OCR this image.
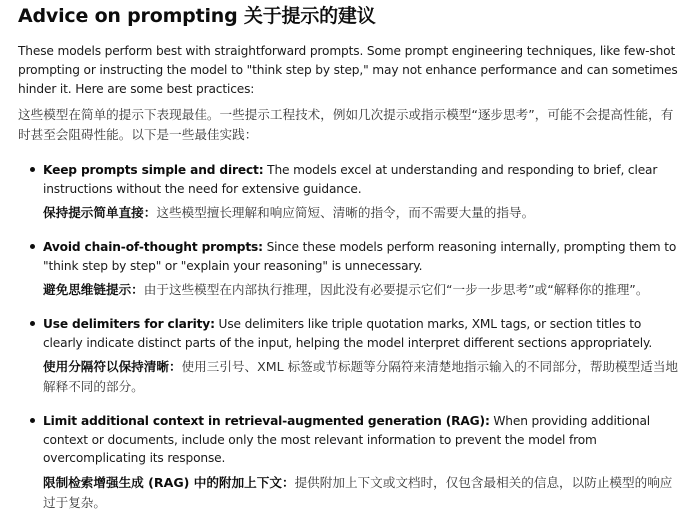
Advice on prompting 关于提示的建议

These models perform best with straightforward prompts. Some prompt engineering techniques, like few-shot prompting or instructing the model to "think step by step," may not enhance performance and can sometimes hinder it. Here are some best practices:

这些模型在简单的提示下表现最佳。一些提示工程技术，例如几次提示或指示模型“逐步思考”，可能不会提高性能，有时甚至会阻碍性能。以下是一些最佳实践：

Keep prompts simple and direct: The models excel at understanding and responding to brief, clear instructions without the need for extensive guidance.
保持提示简单直接：这些模型擅长理解和响应简短、清晰的指令，而不需要大量的指导。
Avoid chain-of-thought prompts: Since these models perform reasoning internally, prompting them to "think step by step" or "explain your reasoning" is unnecessary.
避免思维链提示：由于这些模型在内部执行推理，因此没有必要提示它们“一步一步思考”或“解释你的推理”。
Use delimiters for clarity: Use delimiters like triple quotation marks, XML tags, or section titles to clearly indicate distinct parts of the input, helping the model interpret different sections appropriately.
使用分隔符以保持清晰：使用三引号、XML 标签或节标题等分隔符来清楚地指示输入的不同部分，帮助模型适当地解释不同的部分。
Limit additional context in retrieval-augmented generation (RAG): When providing additional context or documents, include only the most relevant information to prevent the model from overcomplicating its response.
限制检索增强生成 (RAG) 中的附加上下文：提供附加上下文或文档时，仅包含最相关的信息，以防止模型的响应过于复杂。
